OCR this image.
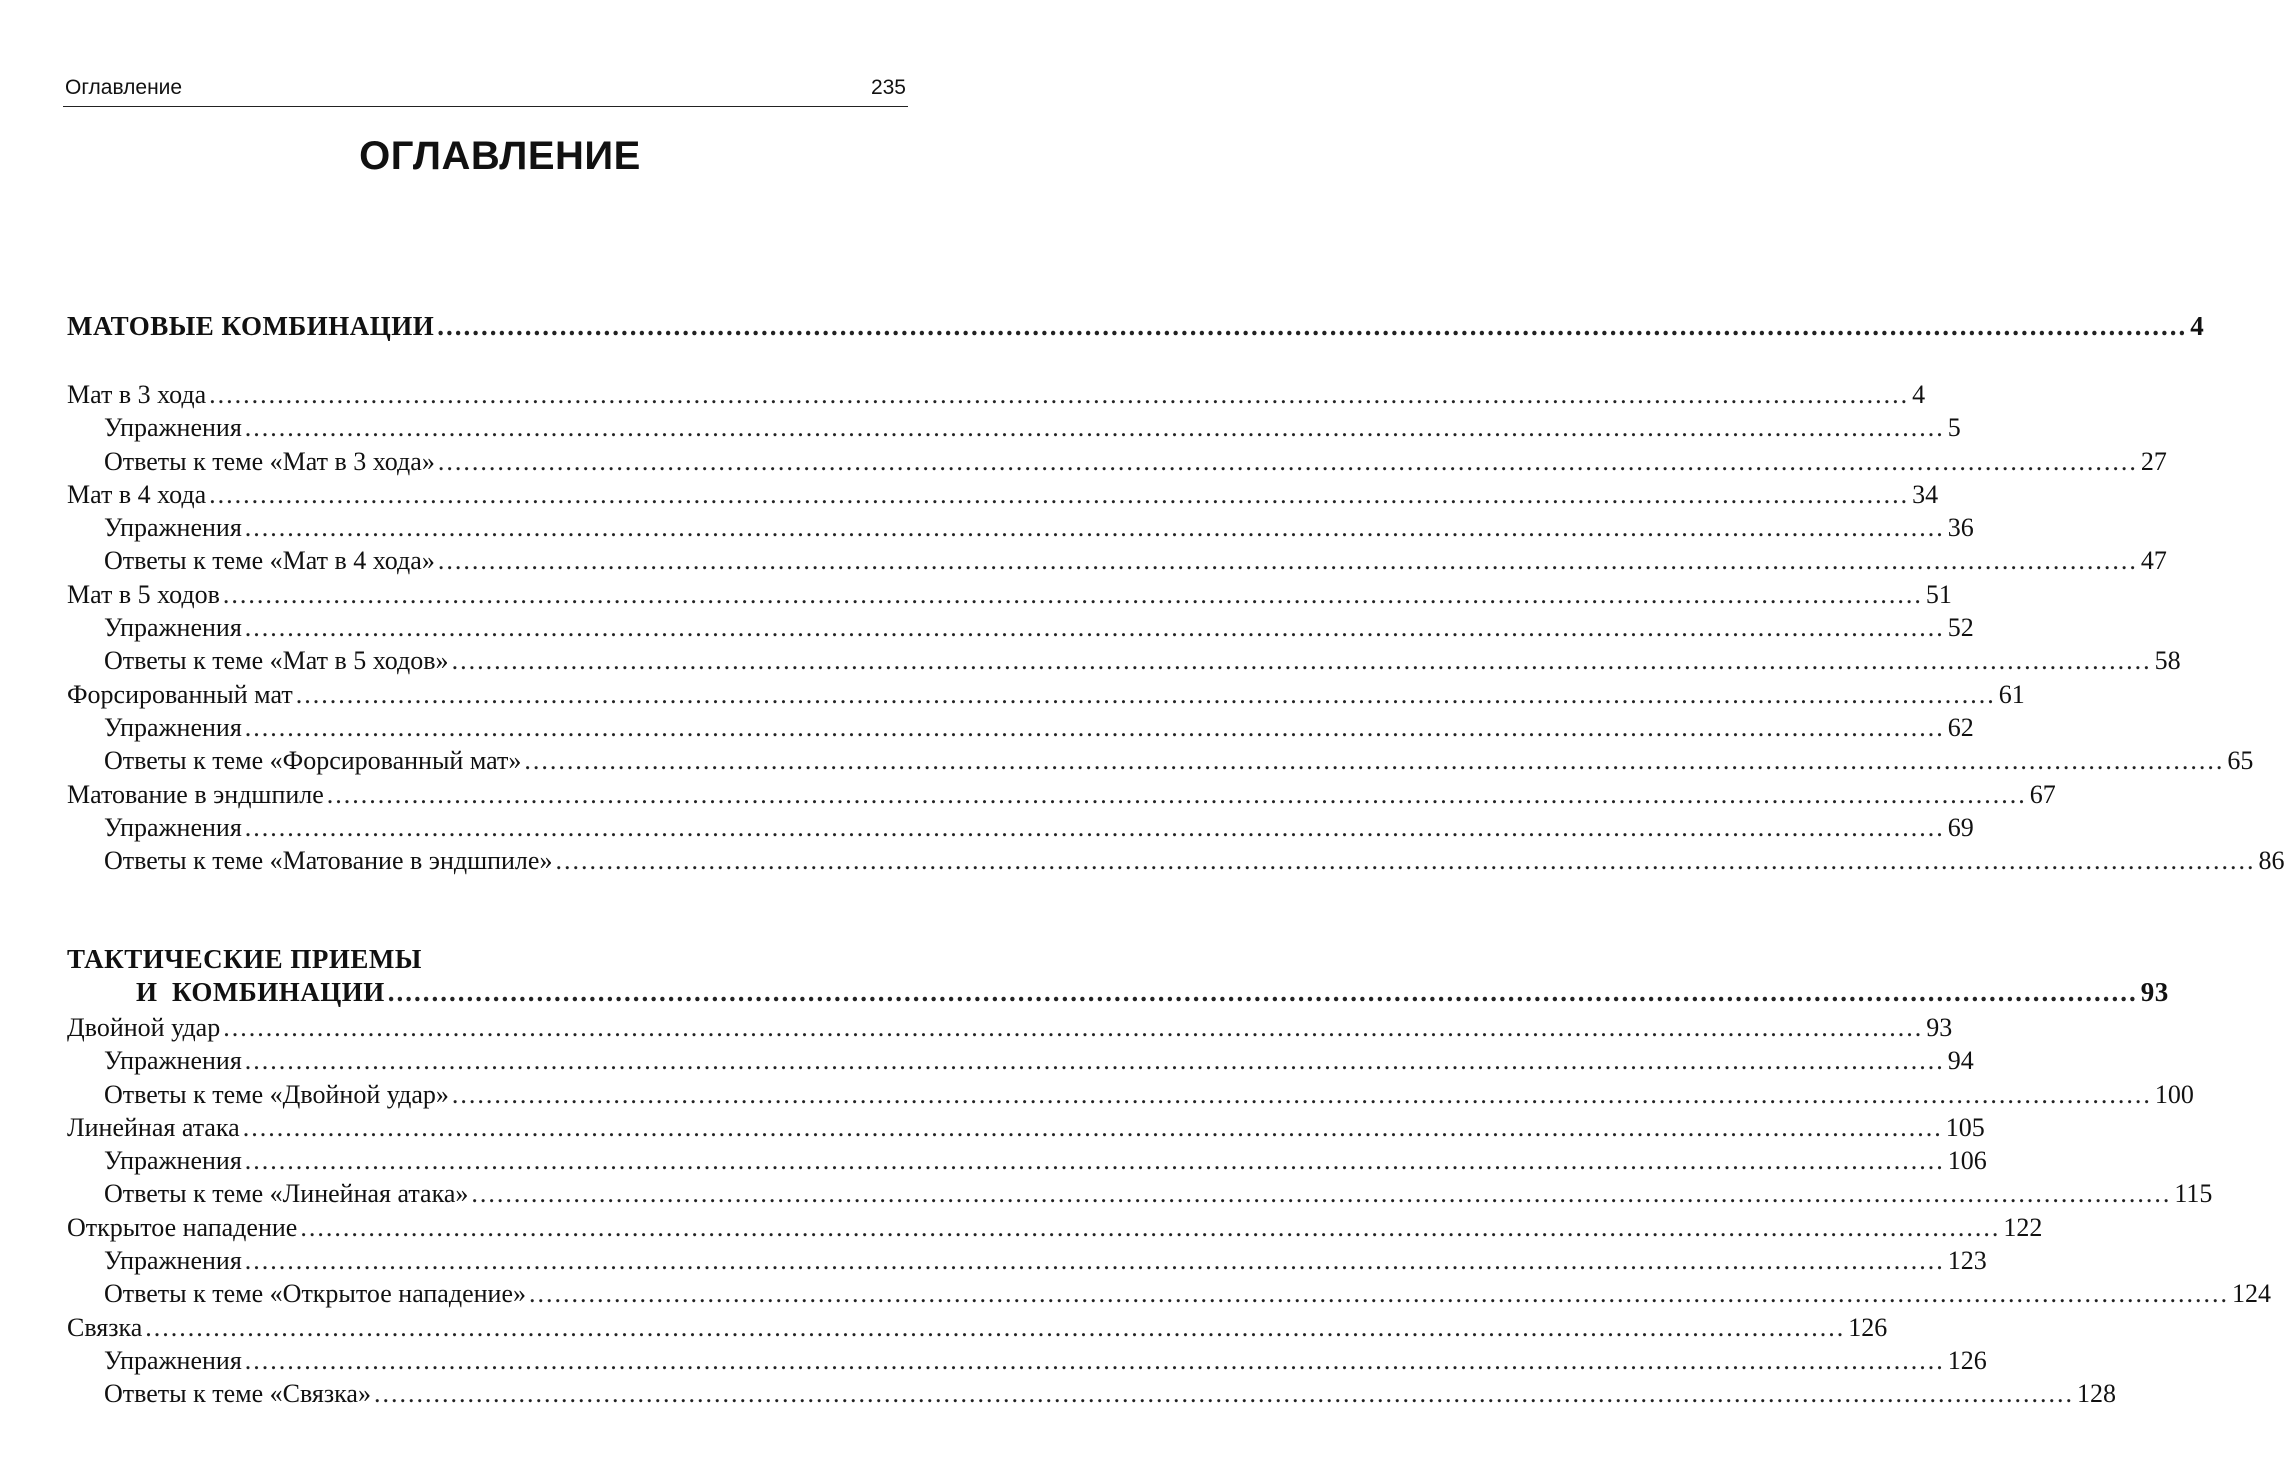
Оглавление	235
ОГЛАВЛЕНИЕ
МАТОВЫЕ КОМБИНАЦИИ ........................................................................................................................................................................................................ 4
Мат в 3 хода ........................................................................................................................................................................................................ 4
Упражнения ........................................................................................................................................................................................................ 5
Ответы к теме «Мат в 3 хода» ........................................................................................................................................................................................................ 27
Мат в 4 хода ........................................................................................................................................................................................................ 34
Упражнения ........................................................................................................................................................................................................ 36
Ответы к теме «Мат в 4 хода» ........................................................................................................................................................................................................ 47
Мат в 5 ходов ........................................................................................................................................................................................................ 51
Упражнения ........................................................................................................................................................................................................ 52
Ответы к теме «Мат в 5 ходов» ........................................................................................................................................................................................................ 58
Форсированный мат ........................................................................................................................................................................................................ 61
Упражнения ........................................................................................................................................................................................................ 62
Ответы к теме «Форсированный мат» ........................................................................................................................................................................................................ 65
Матование в эндшпиле ........................................................................................................................................................................................................ 67
Упражнения ........................................................................................................................................................................................................ 69
Ответы к теме «Матование в эндшпиле» ........................................................................................................................................................................................................ 86
ТАКТИЧЕСКИЕ ПРИЕМЫ
И  КОМБИНАЦИИ ........................................................................................................................................................................................................ 93
Двойной удар ........................................................................................................................................................................................................ 93
Упражнения ........................................................................................................................................................................................................ 94
Ответы к теме «Двойной удар» ........................................................................................................................................................................................................ 100
Линейная атака ........................................................................................................................................................................................................ 105
Упражнения ........................................................................................................................................................................................................ 106
Ответы к теме «Линейная атака» ........................................................................................................................................................................................................ 115
Открытое нападение ........................................................................................................................................................................................................ 122
Упражнения ........................................................................................................................................................................................................ 123
Ответы к теме «Открытое нападение» ........................................................................................................................................................................................................ 124
Связка ........................................................................................................................................................................................................ 126
Упражнения ........................................................................................................................................................................................................ 126
Ответы к теме «Связка» ........................................................................................................................................................................................................ 128
